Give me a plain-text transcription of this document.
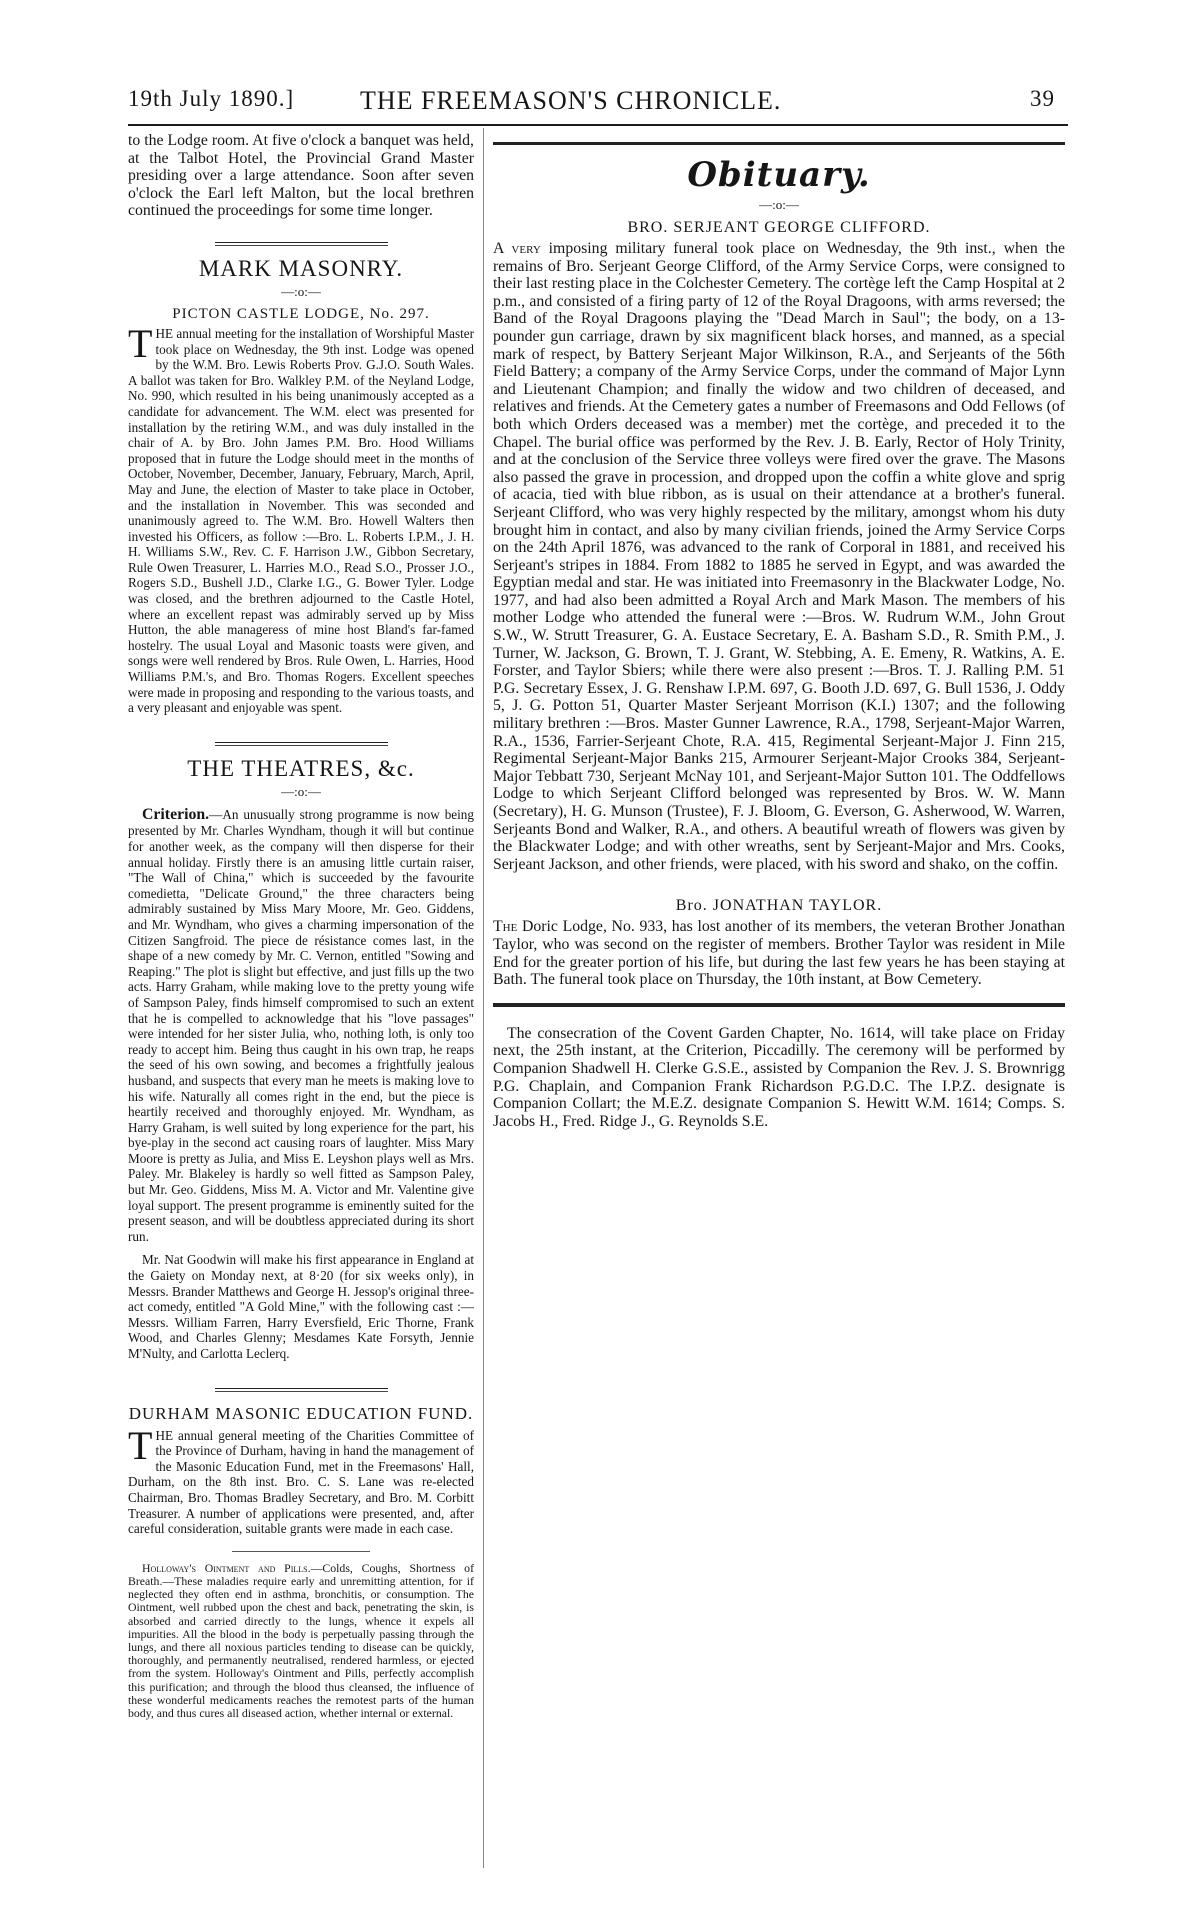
19th July 1890.]	THE FREEMASON'S CHRONICLE.	39

to the Lodge room. At five o'clock a banquet was held, at the Talbot Hotel, the Provincial Grand Master presiding over a large attendance. Soon after seven o'clock the Earl left Malton, but the local brethren continued the proceedings for some time longer.

MARK MASONRY.

—:o:—

PICTON CASTLE LODGE, No. 297.

THE annual meeting for the installation of Worshipful Master took place on Wednesday, the 9th inst. Lodge was opened by the W.M. Bro. Lewis Roberts Prov. G.J.O. South Wales. A ballot was taken for Bro. Walkley P.M. of the Neyland Lodge, No. 990, which resulted in his being unanimously accepted as a candidate for advancement. The W.M. elect was presented for installation by the retiring W.M., and was duly installed in the chair of A. by Bro. John James P.M. Bro. Hood Williams proposed that in future the Lodge should meet in the months of October, November, December, January, February, March, April, May and June, the election of Master to take place in October, and the installation in November. This was seconded and unanimously agreed to. The W.M. Bro. Howell Walters then invested his Officers, as follow :—Bro. L. Roberts I.P.M., J. H. H. Williams S.W., Rev. C. F. Harrison J.W., Gibbon Secretary, Rule Owen Treasurer, L. Harries M.O., Read S.O., Prosser J.O., Rogers S.D., Bushell J.D., Clarke I.G., G. Bower Tyler. Lodge was closed, and the brethren adjourned to the Castle Hotel, where an excellent repast was admirably served up by Miss Hutton, the able manageress of mine host Bland's far-famed hostelry. The usual Loyal and Masonic toasts were given, and songs were well rendered by Bros. Rule Owen, L. Harries, Hood Williams P.M.'s, and Bro. Thomas Rogers. Excellent speeches were made in proposing and responding to the various toasts, and a very pleasant and enjoyable was spent.

THE THEATRES, &c.

—:o:—

Criterion.—An unusually strong programme is now being presented by Mr. Charles Wyndham, though it will but continue for another week, as the company will then disperse for their annual holiday. Firstly there is an amusing little curtain raiser, "The Wall of China," which is succeeded by the favourite comedietta, "Delicate Ground," the three characters being admirably sustained by Miss Mary Moore, Mr. Geo. Giddens, and Mr. Wyndham, who gives a charming impersonation of the Citizen Sangfroid. The piece de résistance comes last, in the shape of a new comedy by Mr. C. Vernon, entitled "Sowing and Reaping." The plot is slight but effective, and just fills up the two acts. Harry Graham, while making love to the pretty young wife of Sampson Paley, finds himself compromised to such an extent that he is compelled to acknowledge that his "love passages" were intended for her sister Julia, who, nothing loth, is only too ready to accept him. Being thus caught in his own trap, he reaps the seed of his own sowing, and becomes a frightfully jealous husband, and suspects that every man he meets is making love to his wife. Naturally all comes right in the end, but the piece is heartily received and thoroughly enjoyed. Mr. Wyndham, as Harry Graham, is well suited by long experience for the part, his bye-play in the second act causing roars of laughter. Miss Mary Moore is pretty as Julia, and Miss E. Leyshon plays well as Mrs. Paley. Mr. Blakeley is hardly so well fitted as Sampson Paley, but Mr. Geo. Giddens, Miss M. A. Victor and Mr. Valentine give loyal support. The present programme is eminently suited for the present season, and will be doubtless appreciated during its short run.

Mr. Nat Goodwin will make his first appearance in England at the Gaiety on Monday next, at 8·20 (for six weeks only), in Messrs. Brander Matthews and George H. Jessop's original three-act comedy, entitled "A Gold Mine," with the following cast :—Messrs. William Farren, Harry Eversfield, Eric Thorne, Frank Wood, and Charles Glenny; Mesdames Kate Forsyth, Jennie M'Nulty, and Carlotta Leclerq.

DURHAM MASONIC EDUCATION FUND.

THE annual general meeting of the Charities Committee of the Province of Durham, having in hand the management of the Masonic Education Fund, met in the Freemasons' Hall, Durham, on the 8th inst. Bro. C. S. Lane was re-elected Chairman, Bro. Thomas Bradley Secretary, and Bro. M. Corbitt Treasurer. A number of applications were presented, and, after careful consideration, suitable grants were made in each case.

Holloway's Ointment and Pills.—Colds, Coughs, Shortness of Breath.—These maladies require early and unremitting attention, for if neglected they often end in asthma, bronchitis, or consumption. The Ointment, well rubbed upon the chest and back, penetrating the skin, is absorbed and carried directly to the lungs, whence it expels all impurities. All the blood in the body is perpetually passing through the lungs, and there all noxious particles tending to disease can be quickly, thoroughly, and permanently neutralised, rendered harmless, or ejected from the system. Holloway's Ointment and Pills, perfectly accomplish this purification; and through the blood thus cleansed, the influence of these wonderful medicaments reaches the remotest parts of the human body, and thus cures all diseased action, whether internal or external.

Obituary.

—:o:—

BRO. SERJEANT GEORGE CLIFFORD.

A very imposing military funeral took place on Wednesday, the 9th inst., when the remains of Bro. Serjeant George Clifford, of the Army Service Corps, were consigned to their last resting place in the Colchester Cemetery. The cortège left the Camp Hospital at 2 p.m., and consisted of a firing party of 12 of the Royal Dragoons, with arms reversed; the Band of the Royal Dragoons playing the "Dead March in Saul"; the body, on a 13-pounder gun carriage, drawn by six magnificent black horses, and manned, as a special mark of respect, by Battery Serjeant Major Wilkinson, R.A., and Serjeants of the 56th Field Battery; a company of the Army Service Corps, under the command of Major Lynn and Lieutenant Champion; and finally the widow and two children of deceased, and relatives and friends. At the Cemetery gates a number of Freemasons and Odd Fellows (of both which Orders deceased was a member) met the cortège, and preceded it to the Chapel. The burial office was performed by the Rev. J. B. Early, Rector of Holy Trinity, and at the conclusion of the Service three volleys were fired over the grave. The Masons also passed the grave in procession, and dropped upon the coffin a white glove and sprig of acacia, tied with blue ribbon, as is usual on their attendance at a brother's funeral. Serjeant Clifford, who was very highly respected by the military, amongst whom his duty brought him in contact, and also by many civilian friends, joined the Army Service Corps on the 24th April 1876, was advanced to the rank of Corporal in 1881, and received his Serjeant's stripes in 1884. From 1882 to 1885 he served in Egypt, and was awarded the Egyptian medal and star. He was initiated into Freemasonry in the Blackwater Lodge, No. 1977, and had also been admitted a Royal Arch and Mark Mason. The members of his mother Lodge who attended the funeral were :—Bros. W. Rudrum W.M., John Grout S.W., W. Strutt Treasurer, G. A. Eustace Secretary, E. A. Basham S.D., R. Smith P.M., J. Turner, W. Jackson, G. Brown, T. J. Grant, W. Stebbing, A. E. Emeny, R. Watkins, A. E. Forster, and Taylor Sbiers; while there were also present :—Bros. T. J. Ralling P.M. 51 P.G. Secretary Essex, J. G. Renshaw I.P.M. 697, G. Booth J.D. 697, G. Bull 1536, J. Oddy 5, J. G. Potton 51, Quarter Master Serjeant Morrison (K.I.) 1307; and the following military brethren :—Bros. Master Gunner Lawrence, R.A., 1798, Serjeant-Major Warren, R.A., 1536, Farrier-Serjeant Chote, R.A. 415, Regimental Serjeant-Major J. Finn 215, Regimental Serjeant-Major Banks 215, Armourer Serjeant-Major Crooks 384, Serjeant-Major Tebbatt 730, Serjeant McNay 101, and Serjeant-Major Sutton 101. The Oddfellows Lodge to which Serjeant Clifford belonged was represented by Bros. W. W. Mann (Secretary), H. G. Munson (Trustee), F. J. Bloom, G. Everson, G. Asherwood, W. Warren, Serjeants Bond and Walker, R.A., and others. A beautiful wreath of flowers was given by the Blackwater Lodge; and with other wreaths, sent by Serjeant-Major and Mrs. Cooks, Serjeant Jackson, and other friends, were placed, with his sword and shako, on the coffin.

Bro. JONATHAN TAYLOR.

The Doric Lodge, No. 933, has lost another of its members, the veteran Brother Jonathan Taylor, who was second on the register of members. Brother Taylor was resident in Mile End for the greater portion of his life, but during the last few years he has been staying at Bath. The funeral took place on Thursday, the 10th instant, at Bow Cemetery.

The consecration of the Covent Garden Chapter, No. 1614, will take place on Friday next, the 25th instant, at the Criterion, Piccadilly. The ceremony will be performed by Companion Shadwell H. Clerke G.S.E., assisted by Companion the Rev. J. S. Brownrigg P.G. Chaplain, and Companion Frank Richardson P.G.D.C. The I.P.Z. designate is Companion Collart; the M.E.Z. designate Companion S. Hewitt W.M. 1614; Comps. S. Jacobs H., Fred. Ridge J., G. Reynolds S.E.
